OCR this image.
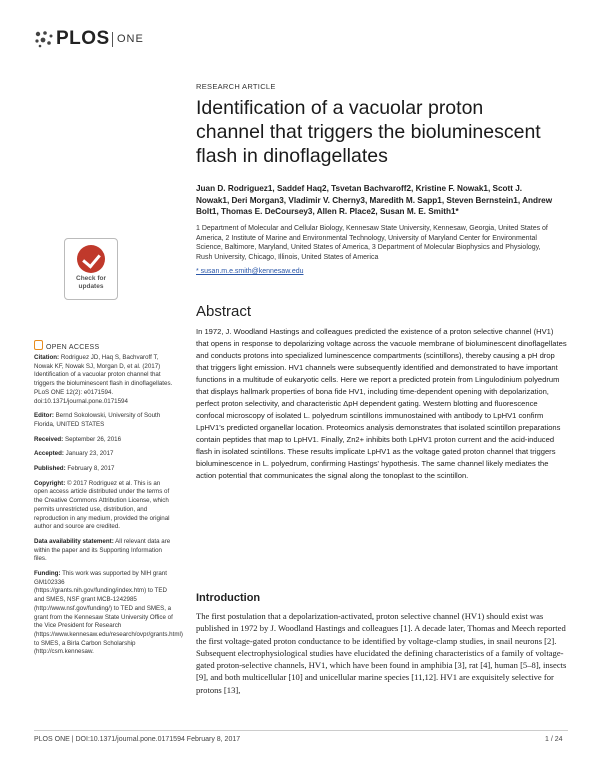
PLOS ONE
RESEARCH ARTICLE
Identification of a vacuolar proton channel that triggers the bioluminescent flash in dinoflagellates
Juan D. Rodriguez1, Saddef Haq2, Tsvetan Bachvaroff2, Kristine F. Nowak1, Scott J. Nowak1, Deri Morgan3, Vladimir V. Cherny3, Maredith M. Sapp1, Steven Bernstein1, Andrew Bolt1, Thomas E. DeCoursey3, Allen R. Place2, Susan M. E. Smith1*
1 Department of Molecular and Cellular Biology, Kennesaw State University, Kennesaw, Georgia, United States of America, 2 Institute of Marine and Environmental Technology, University of Maryland Center for Environmental Science, Baltimore, Maryland, United States of America, 3 Department of Molecular Biophysics and Physiology, Rush University, Chicago, Illinois, United States of America
* susan.m.e.smith@kennesaw.edu
Check for
updates
OPEN ACCESS

Citation: Rodriguez JD, Haq S, Bachvaroff T, Nowak KF, Nowak SJ, Morgan D, et al. (2017) Identification of a vacuolar proton channel that triggers the bioluminescent flash in dinoflagellates. PLoS ONE 12(2): e0171594. doi:10.1371/journal.pone.0171594

Editor: Bernd Sokolowski, University of South Florida, UNITED STATES

Received: September 26, 2016

Accepted: January 23, 2017

Published: February 8, 2017

Copyright: © 2017 Rodriguez et al. This is an open access article distributed under the terms of the Creative Commons Attribution License, which permits unrestricted use, distribution, and reproduction in any medium, provided the original author and source are credited.

Data availability statement: All relevant data are within the paper and its Supporting Information files.

Funding: This work was supported by NIH grant GM102336 (https://grants.nih.gov/funding/index.htm) to TED and SMES, NSF grant MCB-1242985 (http://www.nsf.gov/funding/) to TED and SMES, a grant from the Kennesaw State University Office of the Vice President for Research (https://www.kennesaw.edu/research/ovpr/grants.html) to SMES, a Birla Carbon Scholarship (http://csm.kennesaw.

Abstract
In 1972, J. Woodland Hastings and colleagues predicted the existence of a proton selective channel (HV1) that opens in response to depolarizing voltage across the vacuole membrane of bioluminescent dinoflagellates and conducts protons into specialized luminescence compartments (scintillons), thereby causing a pH drop that triggers light emission. HV1 channels were subsequently identified and demonstrated to have important functions in a multitude of eukaryotic cells. Here we report a predicted protein from Lingulodinium polyedrum that displays hallmark properties of bona fide HV1, including time-dependent opening with depolarization, perfect proton selectivity, and characteristic ΔpH dependent gating. Western blotting and fluorescence confocal microscopy of isolated L. polyedrum scintillons immunostained with antibody to LpHV1 confirm LpHV1's predicted organellar location. Proteomics analysis demonstrates that isolated scintillon preparations contain peptides that map to LpHV1. Finally, Zn2+ inhibits both LpHV1 proton current and the acid-induced flash in isolated scintillons. These results implicate LpHV1 as the voltage gated proton channel that triggers bioluminescence in L. polyedrum, confirming Hastings' hypothesis. The same channel likely mediates the action potential that communicates the signal along the tonoplast to the scintillon.
Introduction
The first postulation that a depolarization-activated, proton selective channel (HV1) should exist was published in 1972 by J. Woodland Hastings and colleagues [1]. A decade later, Thomas and Meech reported the first voltage-gated proton conductance to be identified by voltage-clamp studies, in snail neurons [2]. Subsequent electrophysiological studies have elucidated the defining characteristics of a family of voltage-gated proton-selective channels, HV1, which have been found in amphibia [3], rat [4], human [5–8], insects [9], and both multicellular [10] and unicellular marine species [11,12]. HV1 are exquisitely selective for protons [13],
PLOS ONE | DOI:10.1371/journal.pone.0171594 February 8, 2017	1 / 24
